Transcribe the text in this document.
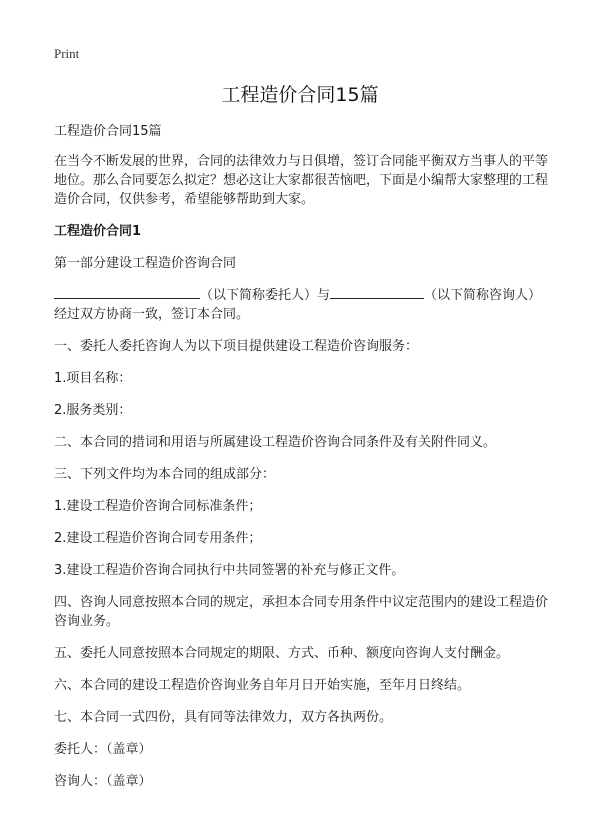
Print
工程造价合同15篇

工程造价合同15篇

在当今不断发展的世界，合同的法律效力与日俱增，签订合同能平衡双方当事人的平等地位。那么合同要怎么拟定？想必这让大家都很苦恼吧，下面是小编帮大家整理的工程造价合同，仅供参考，希望能够帮助到大家。

工程造价合同1

第一部分建设工程造价咨询合同

（以下简称委托人）与	（以下简称咨询人）经过双方协商一致，签订本合同。

一、委托人委托咨询人为以下项目提供建设工程造价咨询服务：

1.项目名称：

2.服务类别：

二、本合同的措词和用语与所属建设工程造价咨询合同条件及有关附件同义。

三、下列文件均为本合同的组成部分：

1.建设工程造价咨询合同标准条件；

2.建设工程造价咨询合同专用条件；

3.建设工程造价咨询合同执行中共同签署的补充与修正文件。

四、咨询人同意按照本合同的规定，承担本合同专用条件中议定范围内的建设工程造价咨询业务。

五、委托人同意按照本合同规定的期限、方式、币种、额度向咨询人支付酬金。

六、本合同的建设工程造价咨询业务自年月日开始实施，至年月日终结。

七、本合同一式四份，具有同等法律效力，双方各执两份。

委托人：（盖章）

咨询人：（盖章）
